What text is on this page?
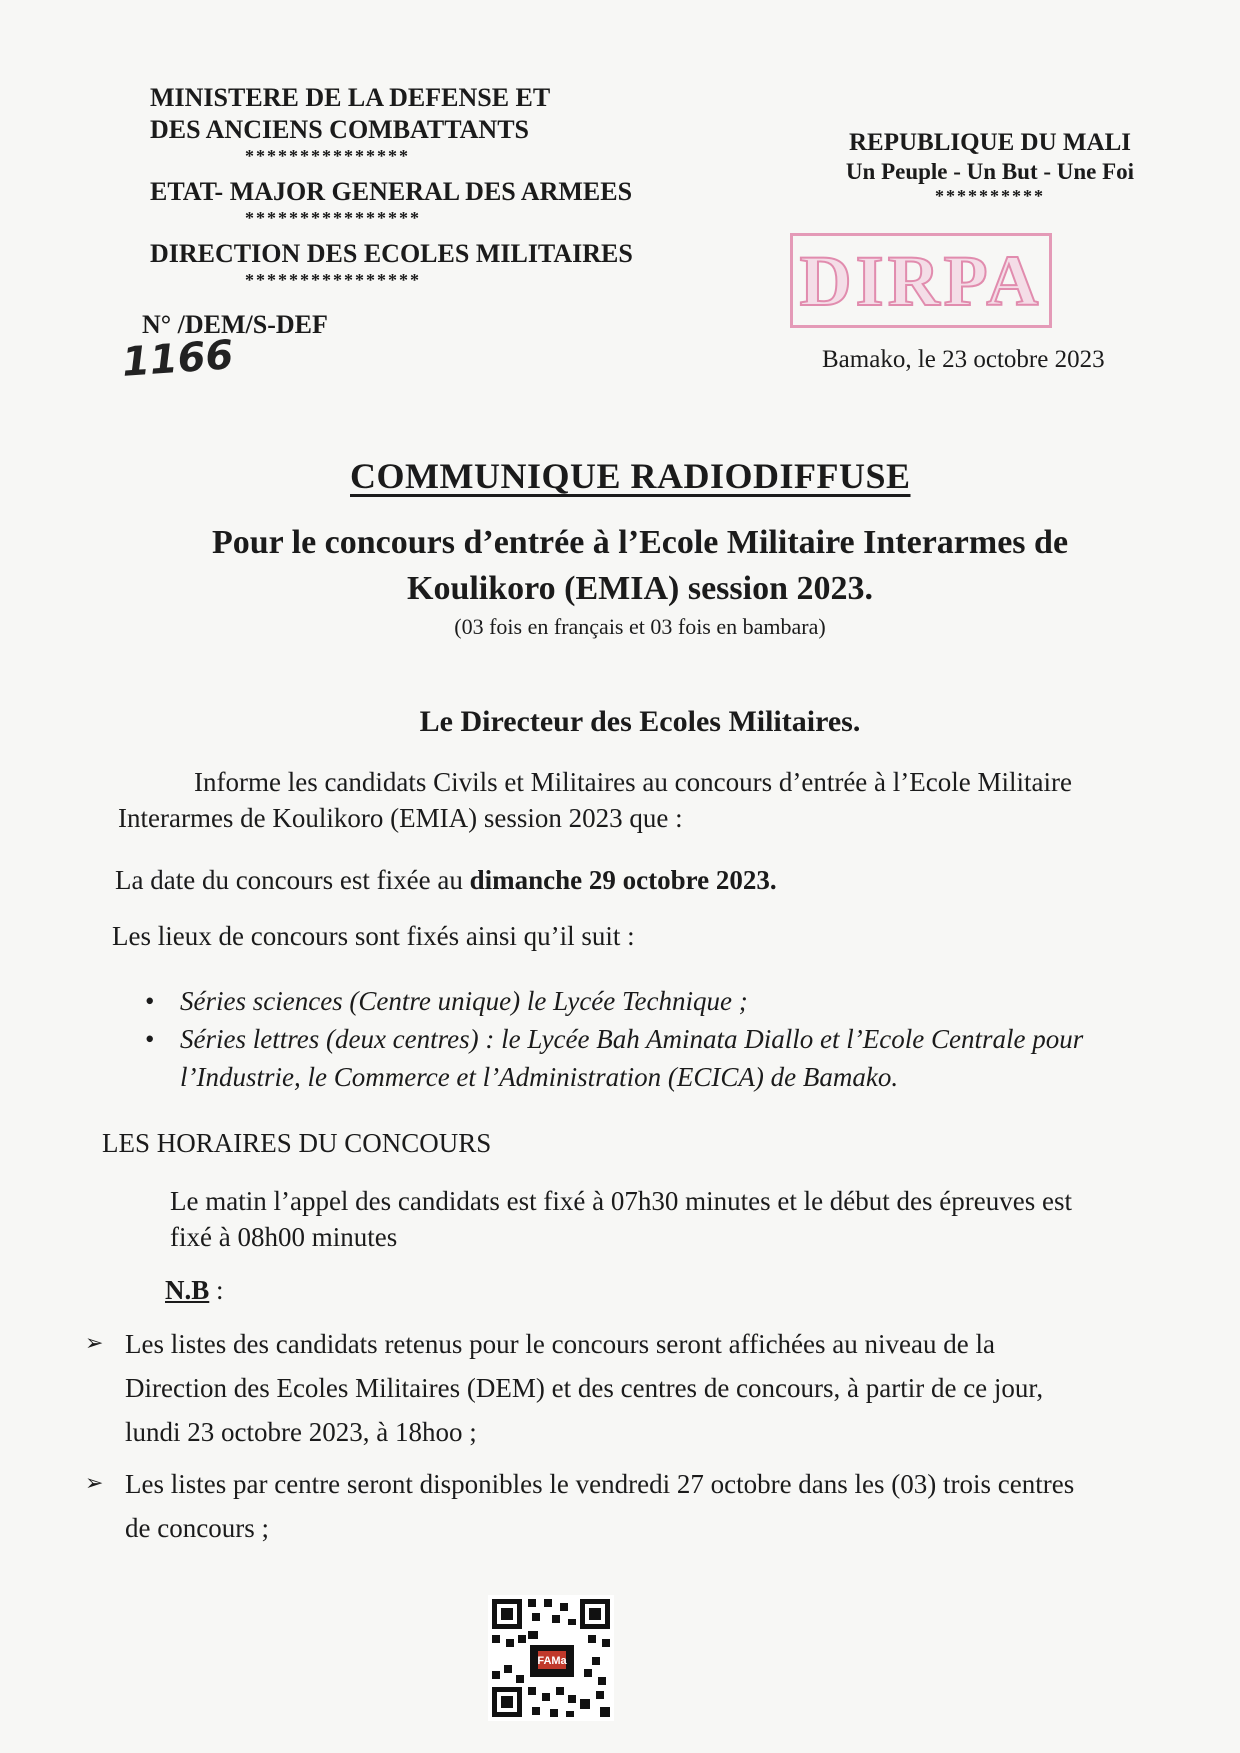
MINISTERE DE LA DEFENSE ET
DES ANCIENS COMBATTANTS
***************
ETAT- MAJOR GENERAL DES ARMEES
****************
DIRECTION DES ECOLES MILITAIRES
****************
N° /DEM/S-DEF
1166
REPUBLIQUE DU MALI
Un Peuple - Un But - Une Foi
**********
DIRPA
Bamako, le 23 octobre 2023
COMMUNIQUE RADIODIFFUSE
Pour le concours d’entrée à l’Ecole Militaire Interarmes de
Koulikoro (EMIA) session 2023.
(03 fois en français et 03 fois en bambara)
Le Directeur des Ecoles Militaires.
Informe les candidats Civils et Militaires au concours d’entrée à l’Ecole Militaire Interarmes de Koulikoro (EMIA) session 2023 que :
La date du concours est fixée au dimanche 29 octobre 2023.
Les lieux de concours sont fixés ainsi qu’il suit :
• Séries sciences (Centre unique) le Lycée Technique ;
• Séries lettres (deux centres) : le Lycée Bah Aminata Diallo et l’Ecole Centrale pour l’Industrie, le Commerce et l’Administration (ECICA) de Bamako.
LES HORAIRES DU CONCOURS
Le matin l’appel des candidats est fixé à 07h30 minutes et le début des épreuves est fixé à 08h00 minutes
N.B :
➢ Les listes des candidats retenus pour le concours seront affichées au niveau de la Direction des Ecoles Militaires (DEM) et des centres de concours, à partir de ce jour, lundi 23 octobre 2023, à 18hoo ;
➢ Les listes par centre seront disponibles le vendredi 27 octobre dans les (03) trois centres de concours ;
FAMa
